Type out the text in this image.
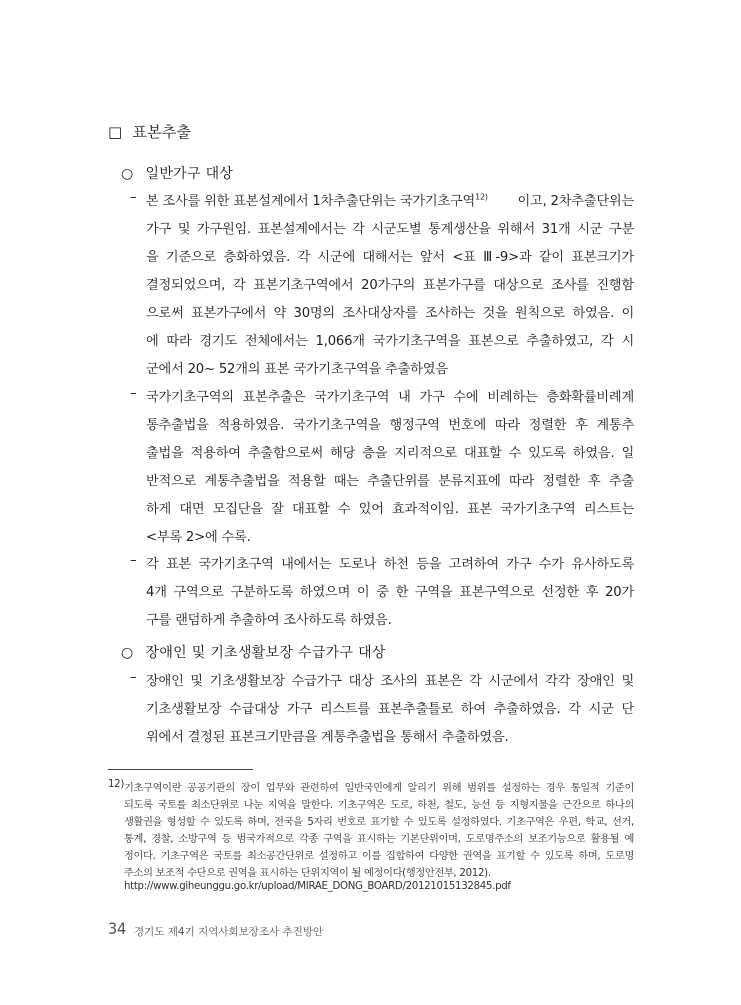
□ 표본추출
○ 일반가구 대상
– 본 조사를 위한 표본설계에서 1차추출단위는 국가기초구역$^{12)}$ 이고, 2차추출단위는
가구 및 가구원임. 표본설계에서는 각 시군도별 통계생산을 위해서 31개 시군 구분
을 기준으로 층화하였음. 각 시군에 대해서는 앞서 <표 Ⅲ-9>과 같이 표본크기가
결정되었으며, 각 표본기초구역에서 20가구의 표본가구를 대상으로 조사를 진행함
으로써 표본가구에서 약 30명의 조사대상자를 조사하는 것을 원칙으로 하였음. 이
에 따라 경기도 전체에서는 1,066개 국가기초구역을 표본으로 추출하였고, 각 시
군에서 20~ 52개의 표본 국가기초구역을 추출하였음
– 국가기초구역의 표본추출은 국가기초구역 내 가구 수에 비례하는 층화확률비례계
통추출법을 적용하였음. 국가기초구역을 행정구역 번호에 따라 정렬한 후 계통추
출법을 적용하여 추출함으로써 해당 층을 지리적으로 대표할 수 있도록 하였음. 일
반적으로 계통추출법을 적용할 때는 추출단위를 분류지표에 따라 정렬한 후 추출
하게 대면 모집단을 잘 대표할 수 있어 효과적이임. 표본 국가기초구역 리스트는
<부록 2>에 수록.
– 각 표본 국가기초구역 내에서는 도로나 하천 등을 고려하여 가구 수가 유사하도록
4개 구역으로 구분하도록 하였으며 이 중 한 구역을 표본구역으로 선정한 후 20가
구를 랜덤하게 추출하여 조사하도록 하였음.
○ 장애인 및 기초생활보장 수급가구 대상
– 장애인 및 기초생활보장 수급가구 대상 조사의 표본은 각 시군에서 각각 장애인 및
기초생활보장 수급대상 가구 리스트를 표본추출틀로 하여 추출하였음. 각 시군 단
위에서 결정된 표본크기만큼을 계통추출법을 통해서 추출하였음.
12) 기초구역이란 공공기관의 장이 업무와 관련하여 일반국민에게 알리기 위해 범위를 설정하는 경우 통일적 기준이
되도록 국토를 최소단위로 나눈 지역을 말한다. 기초구역은 도로, 하천, 철도, 능선 등 지형지물을 근간으로 하나의
생활권을 형성할 수 있도록 하며, 전국을 5자리 번호로 표기할 수 있도록 설정하였다. 기초구역은 우편, 학교, 선거,
통계, 경찰, 소방구역 등 범국가적으로 각종 구역을 표시하는 기본단위이며, 도로명주소의 보조기능으로 활용될 예
정이다. 기초구역은 국토를 최소공간단위로 설정하고 이를 집합하여 다양한 권역을 표기할 수 있도록 하며, 도로명
주소의 보조적 수단으로 권역을 표시하는 단위지역이 될 예정이다(행정안전부, 2012).
http://www.giheunggu.go.kr/upload/MIRAE_DONG_BOARD/20121015132845.pdf
34 경기도 제4기 지역사회보장조사 추진방안
